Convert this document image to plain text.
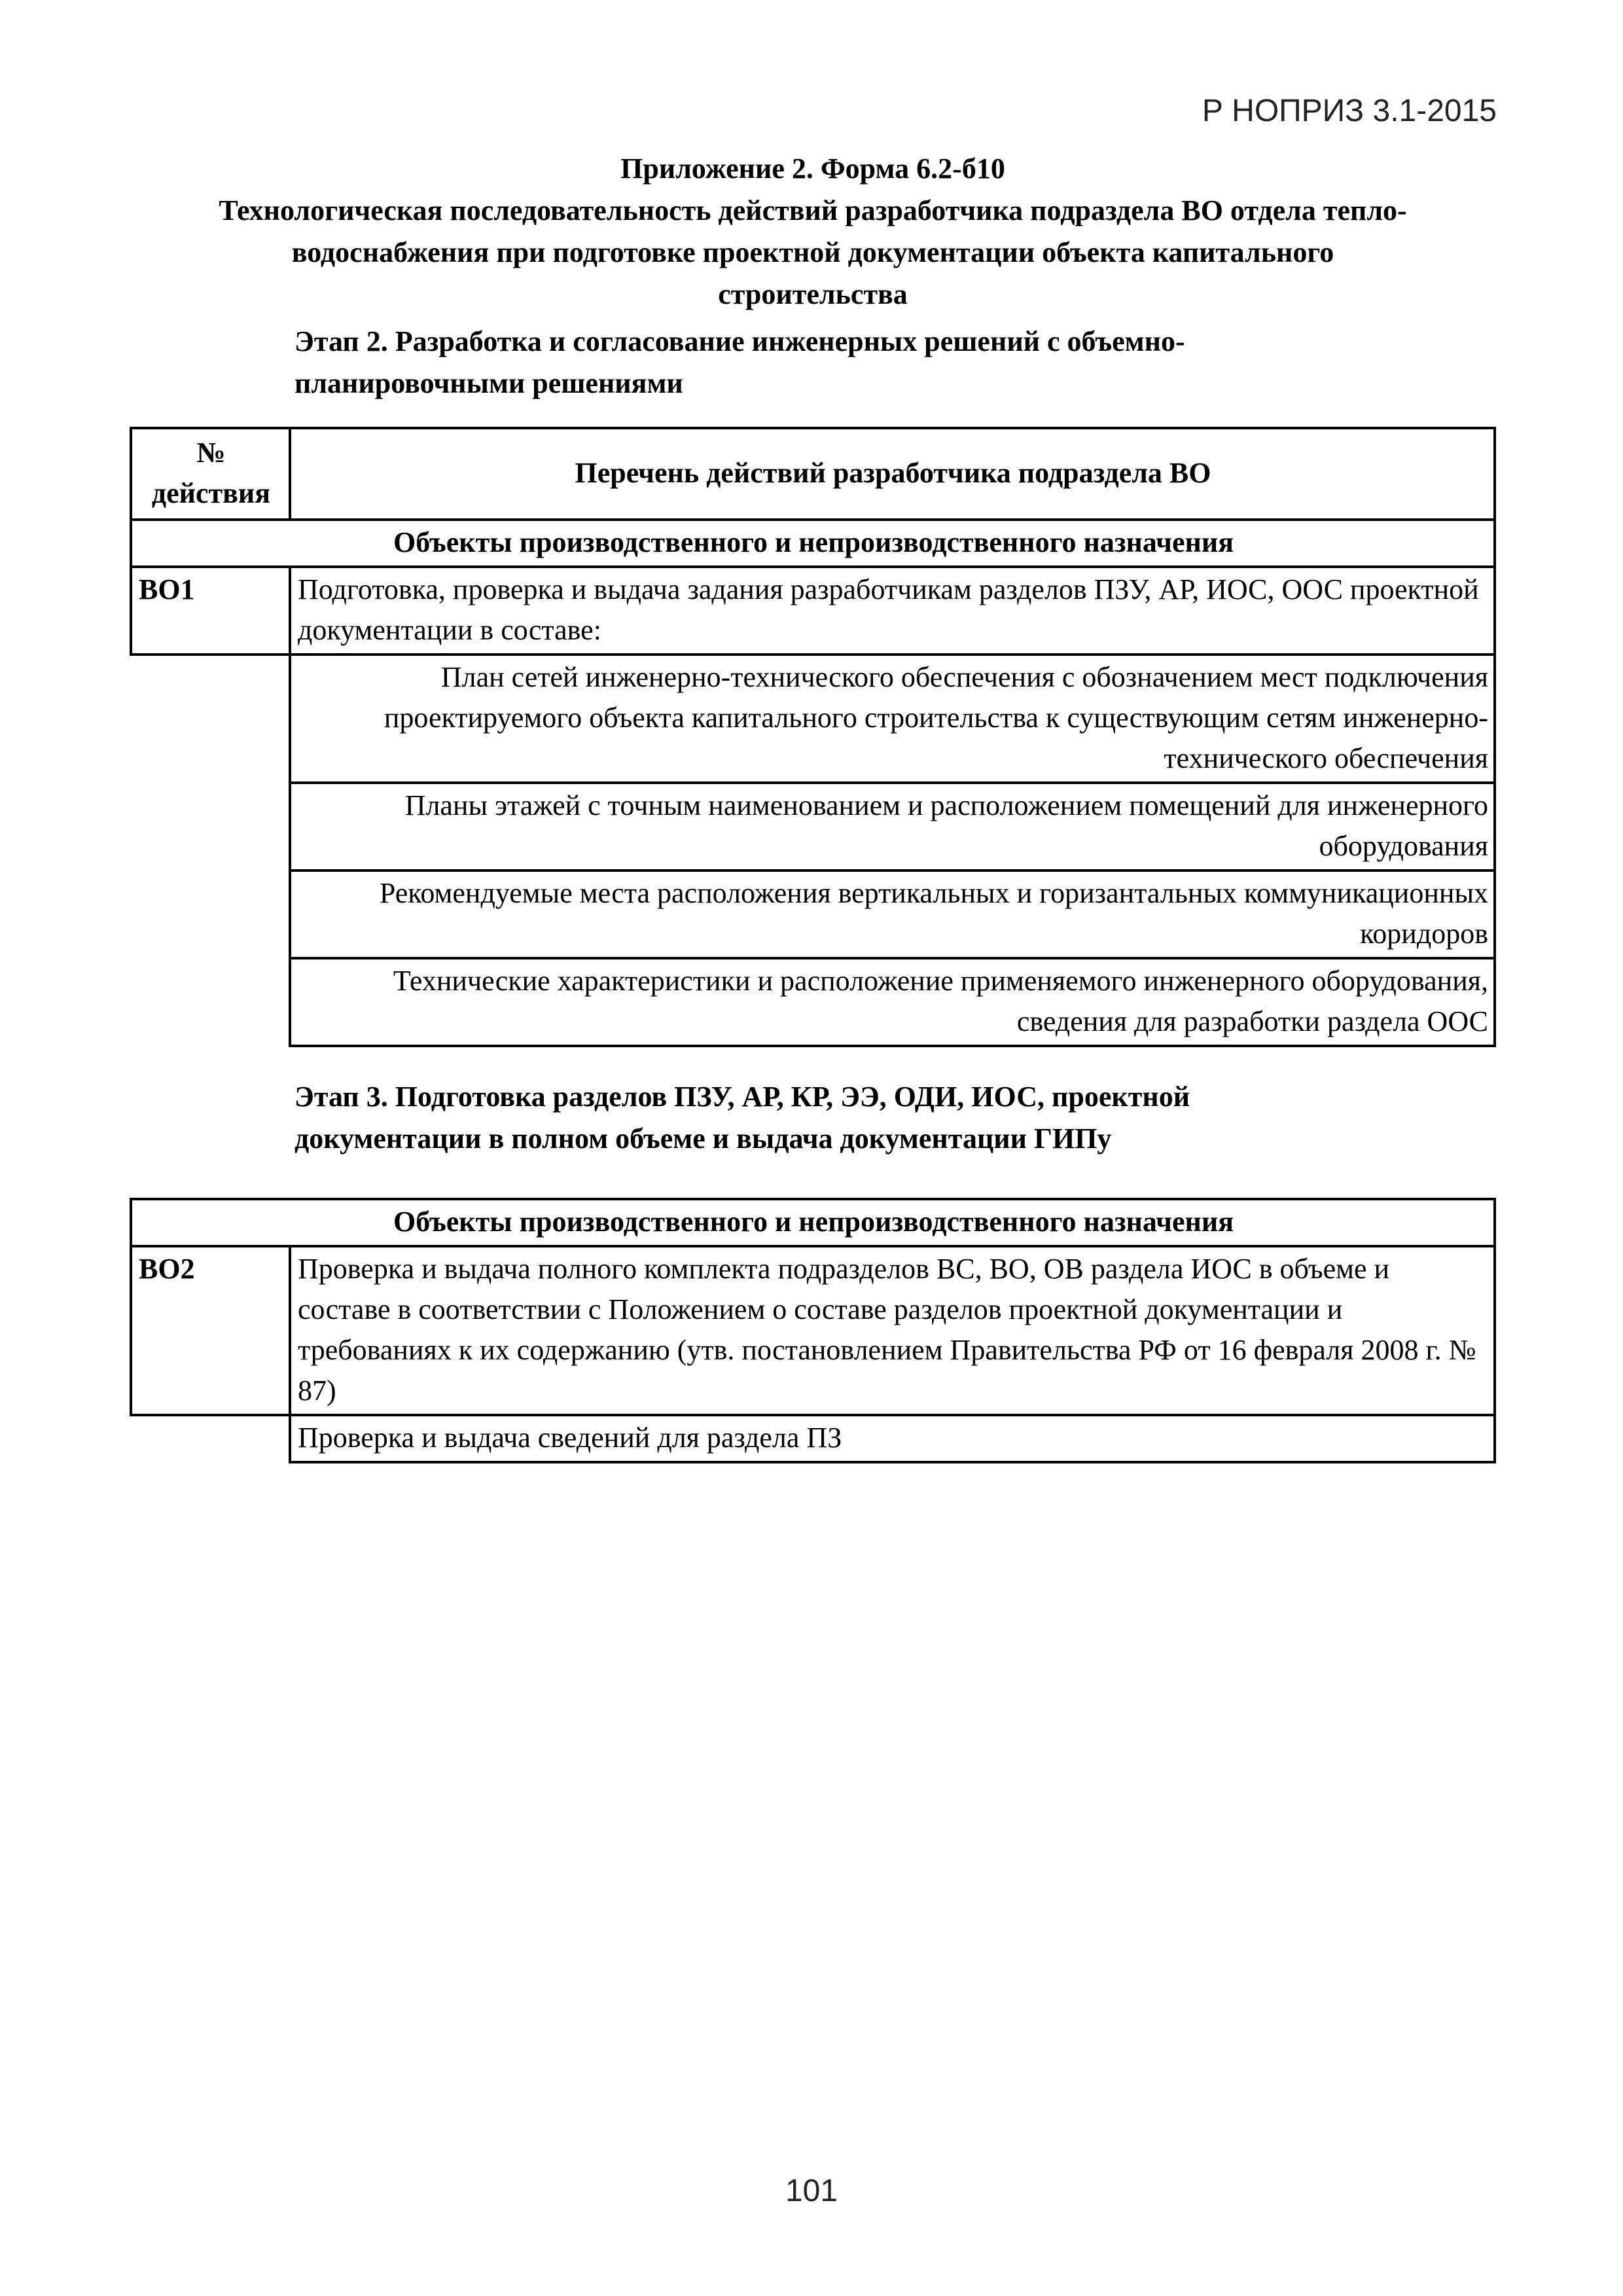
Р НОПРИЗ 3.1-2015
Приложение 2. Форма 6.2-б10
Технологическая последовательность действий разработчика подраздела ВО отдела тепло-
водоснабжения при подготовке проектной документации объекта капитального
строительства
Этап 2. Разработка и согласование инженерных решений с объемно-
планировочными решениями
№ действия	Перечень действий разработчика подраздела ВО
Объекты производственного и непроизводственного назначения	
ВО1	Подготовка, проверка и выдача задания разработчикам разделов ПЗУ, АР, ИОС, ООС проектной документации в составе:
	План сетей инженерно-технического обеспечения с обозначением мест подключения проектируемого объекта капитального строительства к существующим сетям инженерно-технического обеспечения
	Планы этажей с точным наименованием и расположением помещений для инженерного оборудования
	Рекомендуемые места расположения вертикальных и горизантальных коммуникационных коридоров
	Технические характеристики и расположение применяемого инженерного оборудования, сведения для разработки раздела ООС
Этап 3. Подготовка разделов ПЗУ, АР, КР, ЭЭ, ОДИ, ИОС, проектной
документации в полном объеме и выдача документации ГИПу
Объекты производственного и непроизводственного назначения	
ВО2	Проверка и выдача полного комплекта подразделов ВС, ВО, ОВ раздела ИОС в объеме и составе в соответствии с Положением о составе разделов проектной документации и требованиях к их содержанию (утв. постановлением Правительства РФ от 16 февраля 2008 г. № 87)
	Проверка и выдача сведений для раздела ПЗ
101
